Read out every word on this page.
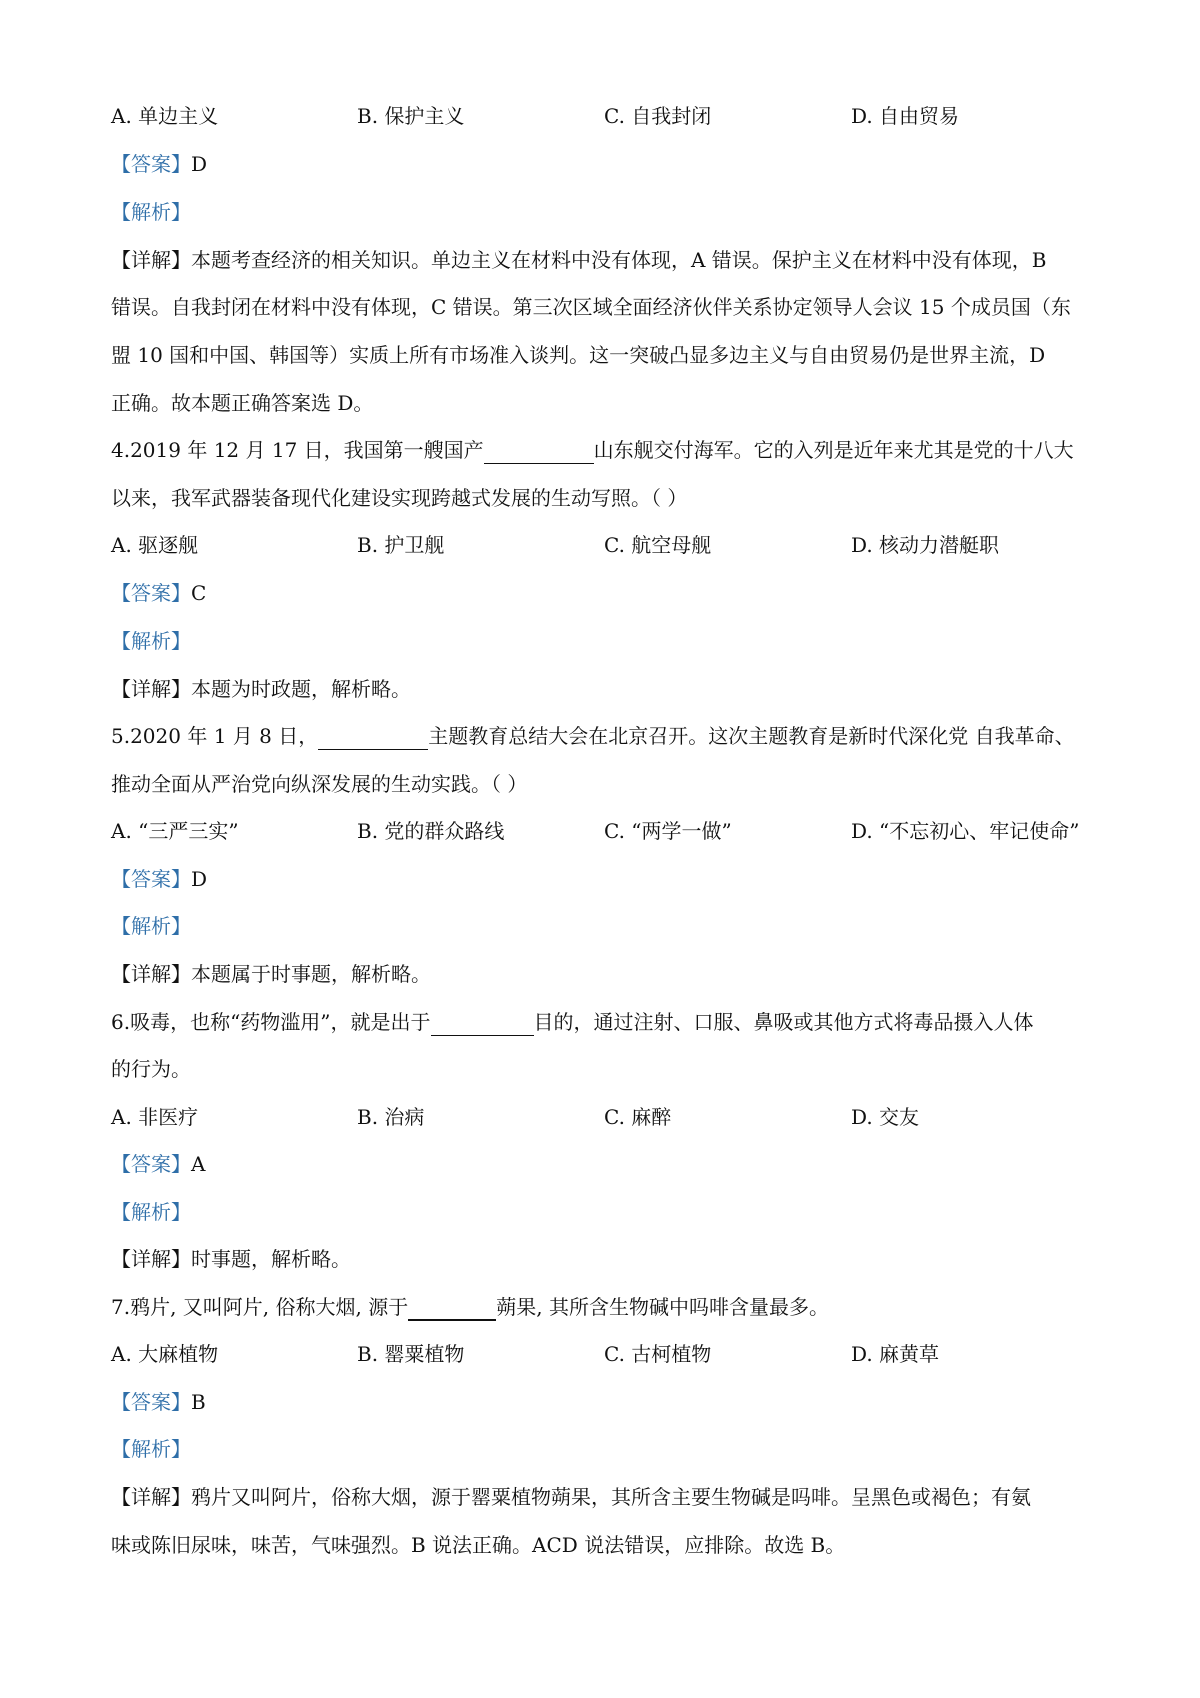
A. 单边主义	B. 保护主义	C. 自我封闭	D. 自由贸易
【答案】D
【解析】
【详解】本题考查经济的相关知识。单边主义在材料中没有体现，A 错误。保护主义在材料中没有体现，B
错误。自我封闭在材料中没有体现，C 错误。第三次区域全面经济伙伴关系协定领导人会议 15 个成员国（东
盟 10 国和中国、韩国等）实质上所有市场准入谈判。这一突破凸显多边主义与自由贸易仍是世界主流，D
正确。故本题正确答案选 D。
4.2019 年 12 月 17 日，我国第一艘国产	山东舰交付海军。它的入列是近年来尤其是党的十八大
以来，我军武器装备现代化建设实现跨越式发展的生动写照。（ ）
A. 驱逐舰	B. 护卫舰	C. 航空母舰	D. 核动力潜艇职
【答案】C
【解析】
【详解】本题为时政题，解析略。
5.2020 年 1 月 8 日，	主题教育总结大会在北京召开。这次主题教育是新时代深化党 自我革命、
推动全面从严治党向纵深发展的生动实践。（ ）
A. “三严三实”	B. 党的群众路线	C. “两学一做”	D. “不忘初心、牢记使命”
【答案】D
【解析】
【详解】本题属于时事题，解析略。
6.吸毒，也称“药物滥用”，就是出于	目的，通过注射、口服、鼻吸或其他方式将毒品摄入人体
的行为。
A. 非医疗	B. 治病	C. 麻醉	D. 交友
【答案】A
【解析】
【详解】时事题，解析略。
7.鸦片, 又叫阿片, 俗称大烟, 源于	蒴果, 其所含生物碱中吗啡含量最多。
A. 大麻植物	B. 罂粟植物	C. 古柯植物	D. 麻黄草
【答案】B
【解析】
【详解】鸦片又叫阿片，俗称大烟，源于罂粟植物蒴果，其所含主要生物碱是吗啡。呈黑色或褐色；有氨
味或陈旧尿味，味苦，气味强烈。B 说法正确。ACD 说法错误，应排除。故选 B。
